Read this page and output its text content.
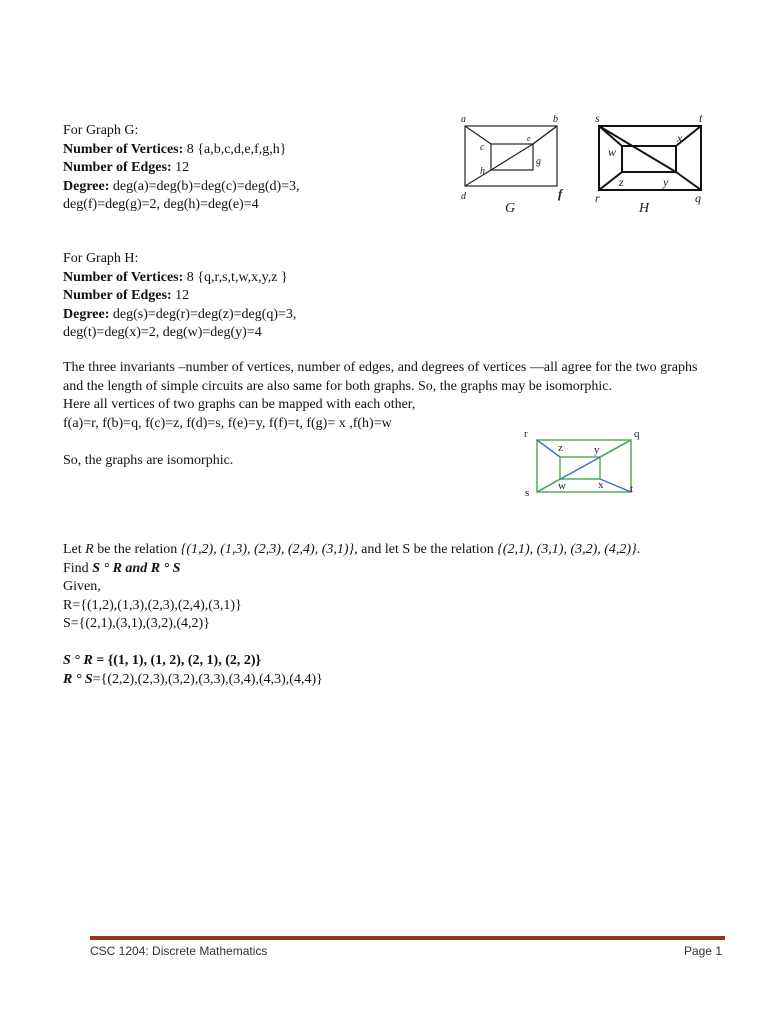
For Graph G:

Number of Vertices: 8 {a,b,c,d,e,f,g,h}

Number of Edges: 12

Degree: deg(a)=deg(b)=deg(c)=deg(d)=3,

deg(f)=deg(g)=2, deg(h)=deg(e)=4

For Graph H:

Number of Vertices: 8 {q,r,s,t,w,x,y,z }

Number of Edges: 12

Degree: deg(s)=deg(r)=deg(z)=deg(q)=3,

deg(t)=deg(x)=2, deg(w)=deg(y)=4

The three invariants –number of vertices, number of edges, and degrees of vertices —all agree for the two graphs and the length of simple circuits are also same for both graphs. So, the graphs may be isomorphic.

Here all vertices of two graphs can be mapped with each other,

f(a)=r, f(b)=q, f(c)=z, f(d)=s, f(e)=y, f(f)=t, f(g)= x ,f(h)=w

So, the graphs are isomorphic.

Let R be the relation {(1,2), (1,3), (2,3), (2,4), (3,1)}, and let S be the relation {(2,1), (3,1), (3,2), (4,2)}.

Find S ° R and R ° S

Given,

R={(1,2),(1,3),(2,3),(2,4),(3,1)}

S={(2,1),(3,1),(3,2),(4,2)}

S ° R = {(1, 1), (1, 2), (2, 1), (2, 2)}

R ° S={(2,2),(2,3),(3,2),(3,3),(3,4),(4,3),(4,4)}

a	b
c
e
g
h
d	f
G
s	t
x
w
z	y
r	q
H
r	q
z	y
s
w	x t
CSC 1204: Discrete Mathematics	Page 1
